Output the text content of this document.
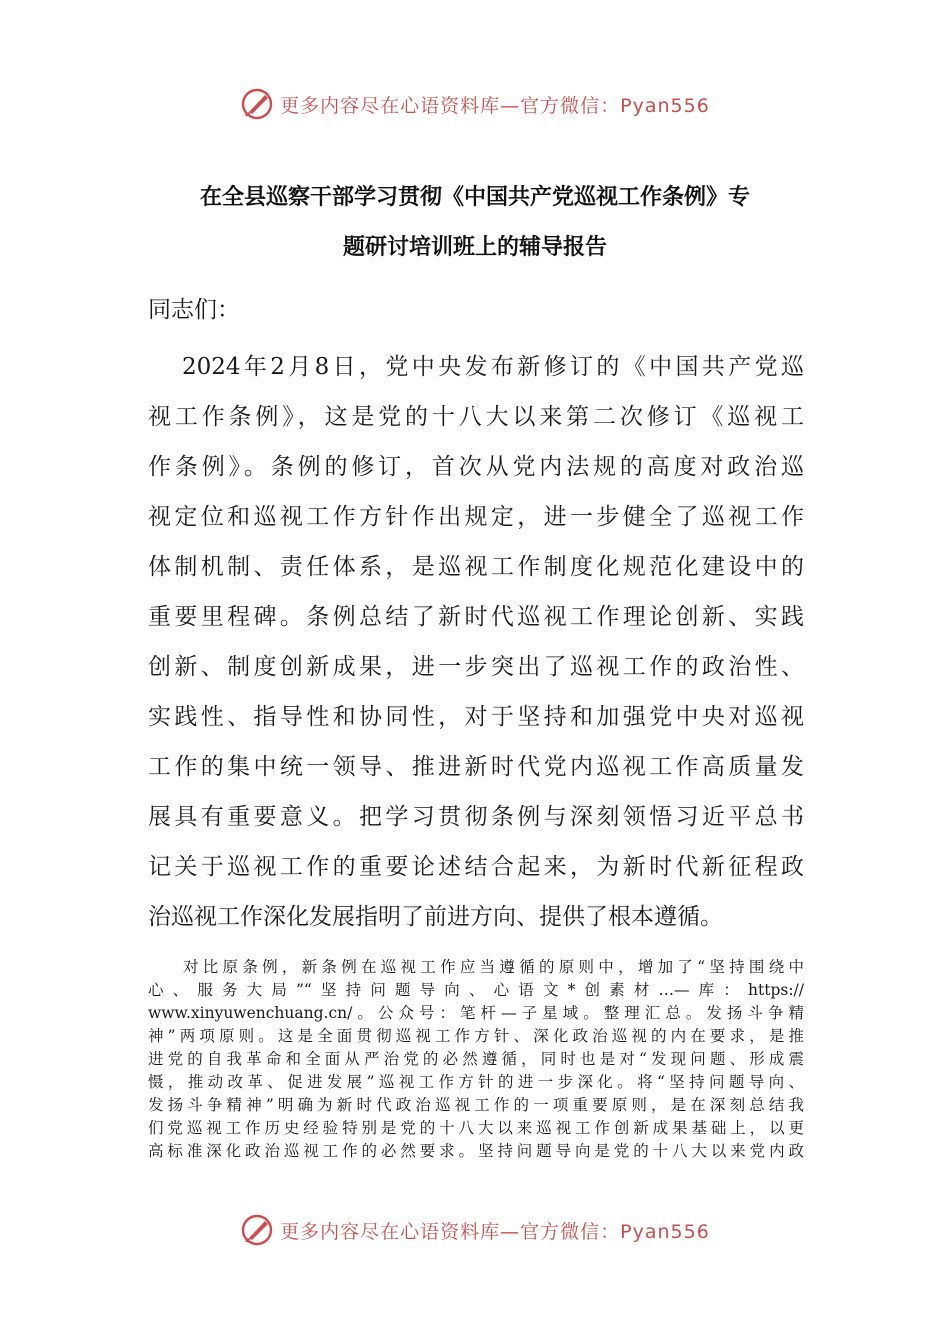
更多内容尽在心语资料库—官方微信：Pyan556
在全县巡察干部学习贯彻《中国共产党巡视工作条例》专
题研讨培训班上的辅导报告
同志们：
2024年2月8日，党中央发布新修订的《中国共产党巡
视工作条例》，这是党的十八大以来第二次修订《巡视工
作条例》。条例的修订，首次从党内法规的高度对政治巡
视定位和巡视工作方针作出规定，进一步健全了巡视工作
体制机制、责任体系，是巡视工作制度化规范化建设中的
重要里程碑。条例总结了新时代巡视工作理论创新、实践
创新、制度创新成果，进一步突出了巡视工作的政治性、
实践性、指导性和协同性，对于坚持和加强党中央对巡视
工作的集中统一领导、推进新时代党内巡视工作高质量发
展具有重要意义。把学习贯彻条例与深刻领悟习近平总书
记关于巡视工作的重要论述结合起来，为新时代新征程政
治巡视工作深化发展指明了前进方向、提供了根本遵循。
对比原条例，新条例在巡视工作应当遵循的原则中，增加了“坚持围绕中
心、服务大局”“坚持问题导向、心语文*创素材…—库：https://
www.xinyuwenchuang.cn/。公众号：笔杆—子星域。整理汇总。发扬斗争精
神”两项原则。这是全面贯彻巡视工作方针、深化政治巡视的内在要求，是推
进党的自我革命和全面从严治党的必然遵循，同时也是对“发现问题、形成震
慑，推动改革、促进发展”巡视工作方针的进一步深化。将“坚持问题导向、
发扬斗争精神”明确为新时代政治巡视工作的一项重要原则，是在深刻总结我
们党巡视工作历史经验特别是党的十八大以来巡视工作创新成果基础上，以更
高标准深化政治巡视工作的必然要求。坚持问题导向是党的十八大以来党内政
更多内容尽在心语资料库—官方微信：Pyan556
